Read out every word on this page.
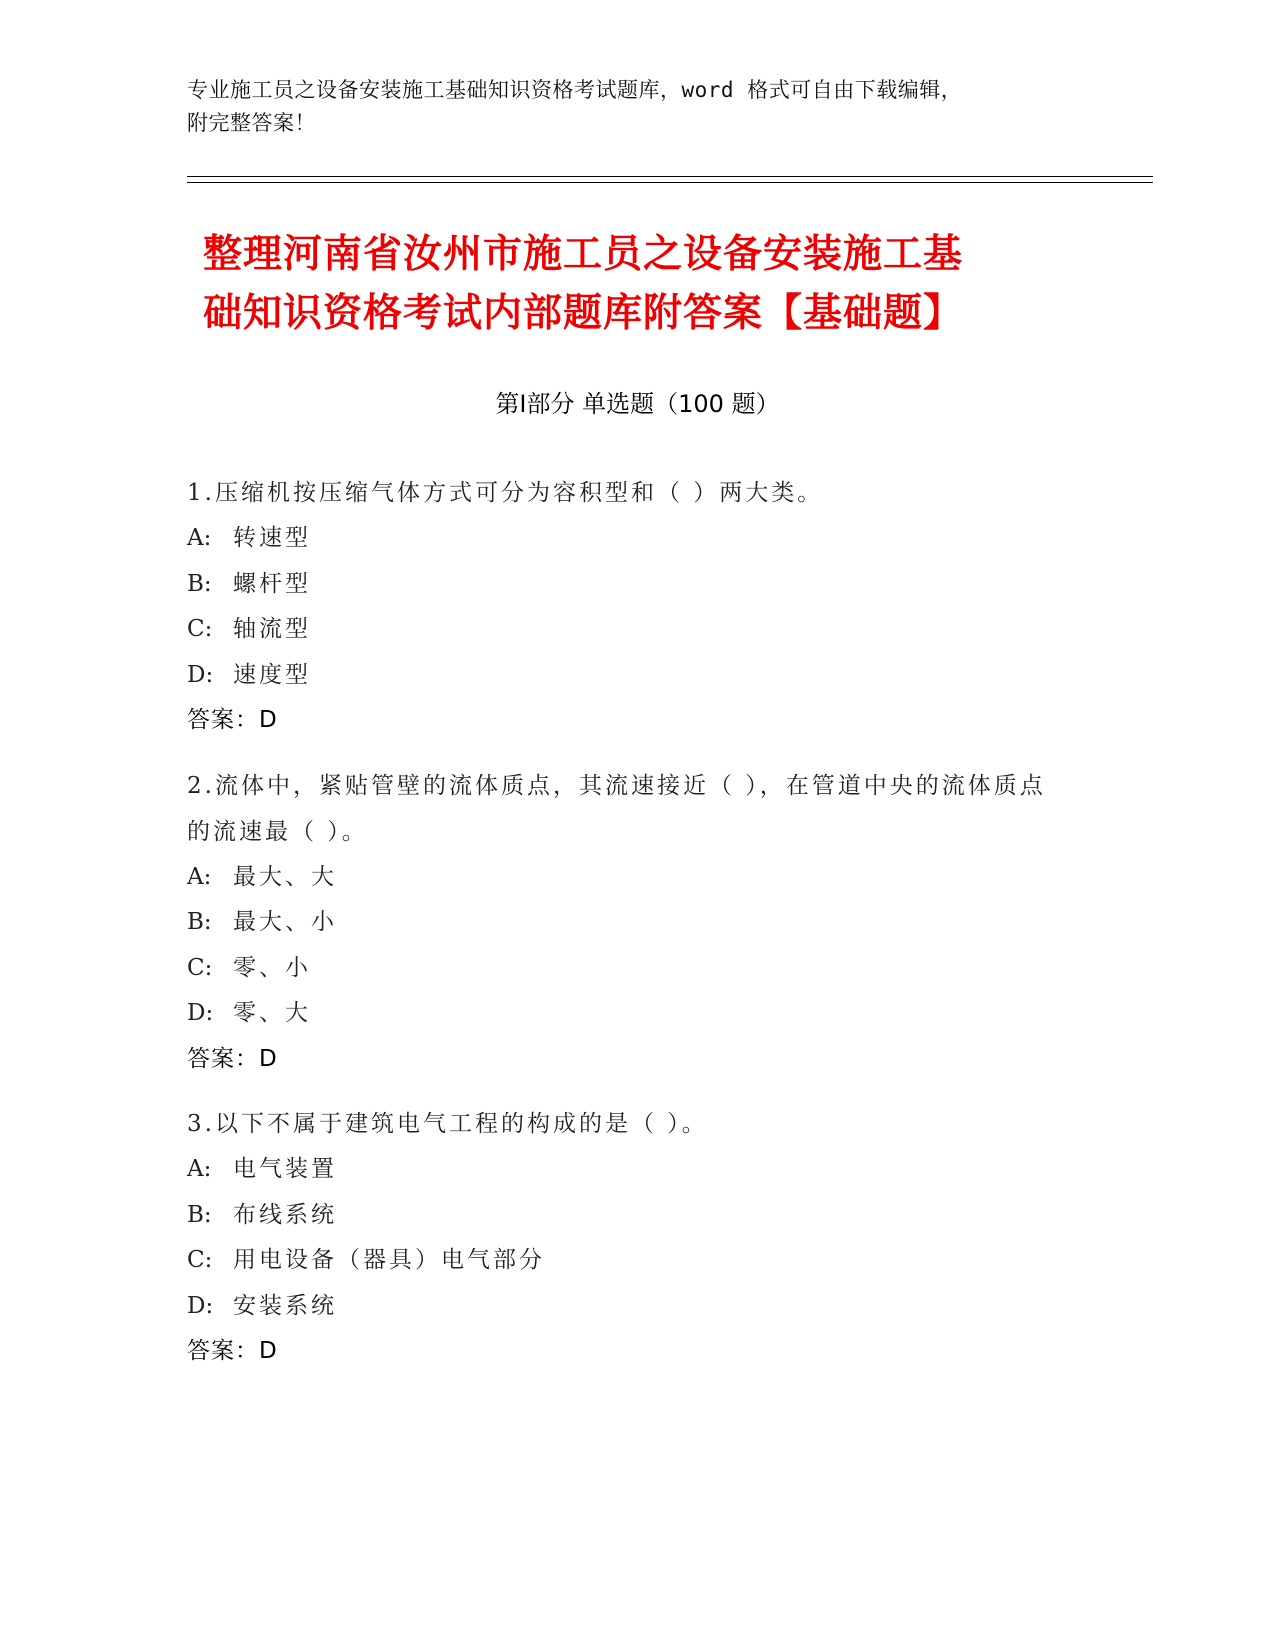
专业施工员之设备安装施工基础知识资格考试题库，word 格式可自由下载编辑，
附完整答案！
整理河南省汝州市施工员之设备安装施工基
础知识资格考试内部题库附答案【基础题】
第Ⅰ部分 单选题（100 题）
1.压缩机按压缩气体方式可分为容积型和（ ）两大类。
A: 转速型
B: 螺杆型
C: 轴流型
D: 速度型
答案：D
2.流体中，紧贴管壁的流体质点，其流速接近（ ），在管道中央的流体质点的流速最（ ）。
A: 最大、大
B: 最大、小
C: 零、小
D: 零、大
答案：D
3.以下不属于建筑电气工程的构成的是（ ）。
A: 电气装置
B: 布线系统
C: 用电设备（器具）电气部分
D: 安装系统
答案：D
